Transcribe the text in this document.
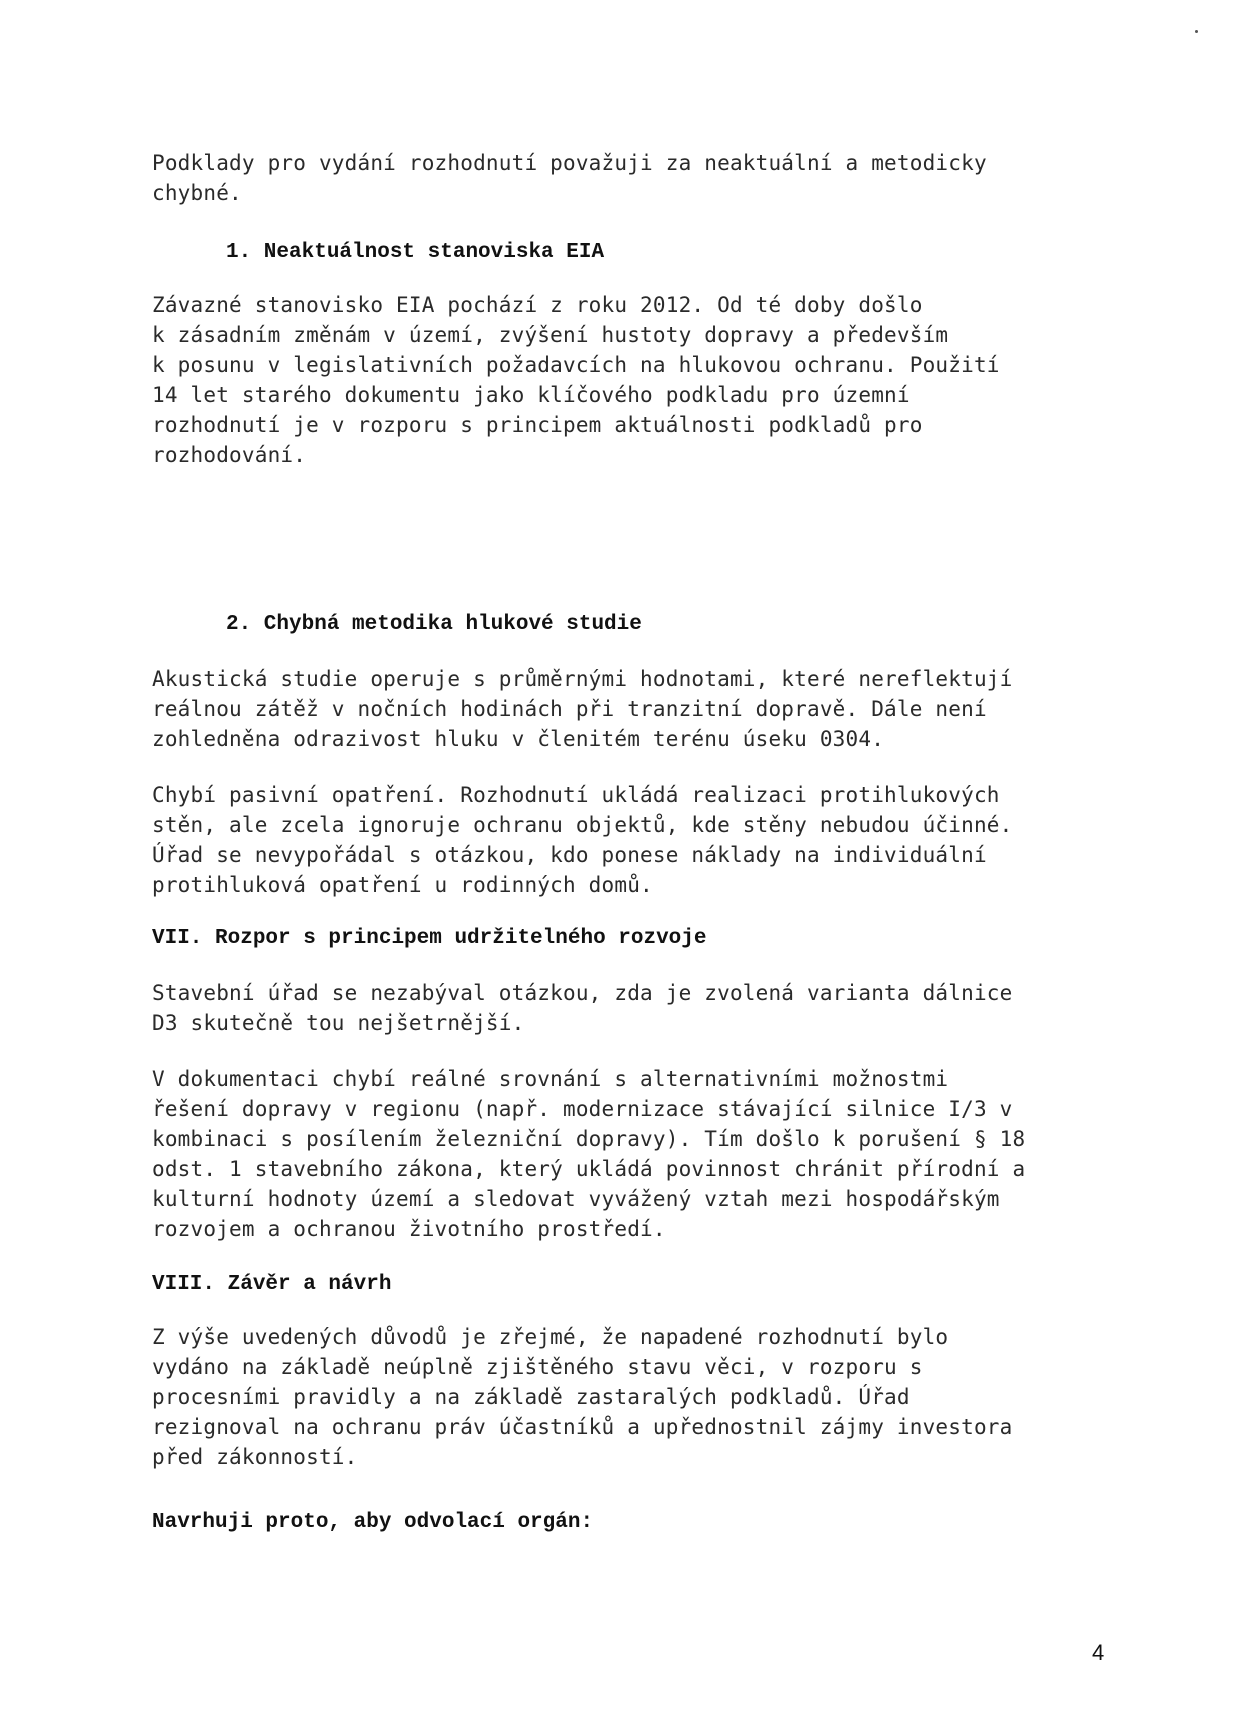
Podklady pro vydání rozhodnutí považuji za neaktuální a metodicky
chybné.

1. Neaktuálnost stanoviska EIA

Závazné stanovisko EIA pochází z roku 2012. Od té doby došlo
k zásadním změnám v území, zvýšení hustoty dopravy a především
k posunu v legislativních požadavcích na hlukovou ochranu. Použití
14 let starého dokumentu jako klíčového podkladu pro územní
rozhodnutí je v rozporu s principem aktuálnosti podkladů pro
rozhodování.

2. Chybná metodika hlukové studie

Akustická studie operuje s průměrnými hodnotami, které nereflektují
reálnou zátěž v nočních hodinách při tranzitní dopravě. Dále není
zohledněna odrazivost hluku v členitém terénu úseku 0304.

Chybí pasivní opatření. Rozhodnutí ukládá realizaci protihlukových
stěn, ale zcela ignoruje ochranu objektů, kde stěny nebudou účinné.
Úřad se nevypořádal s otázkou, kdo ponese náklady na individuální
protihluková opatření u rodinných domů.

VII. Rozpor s principem udržitelného rozvoje

Stavební úřad se nezabýval otázkou, zda je zvolená varianta dálnice
D3 skutečně tou nejšetrnější.

V dokumentaci chybí reálné srovnání s alternativními možnostmi
řešení dopravy v regionu (např. modernizace stávající silnice I/3 v
kombinaci s posílením železniční dopravy). Tím došlo k porušení § 18
odst. 1 stavebního zákona, který ukládá povinnost chránit přírodní a
kulturní hodnoty území a sledovat vyvážený vztah mezi hospodářským
rozvojem a ochranou životního prostředí.

VIII. Závěr a návrh

Z výše uvedených důvodů je zřejmé, že napadené rozhodnutí bylo
vydáno na základě neúplně zjištěného stavu věci, v rozporu s
procesními pravidly a na základě zastaralých podkladů. Úřad
rezignoval na ochranu práv účastníků a upřednostnil zájmy investora
před zákonností.

Navrhuji proto, aby odvolací orgán:

4
